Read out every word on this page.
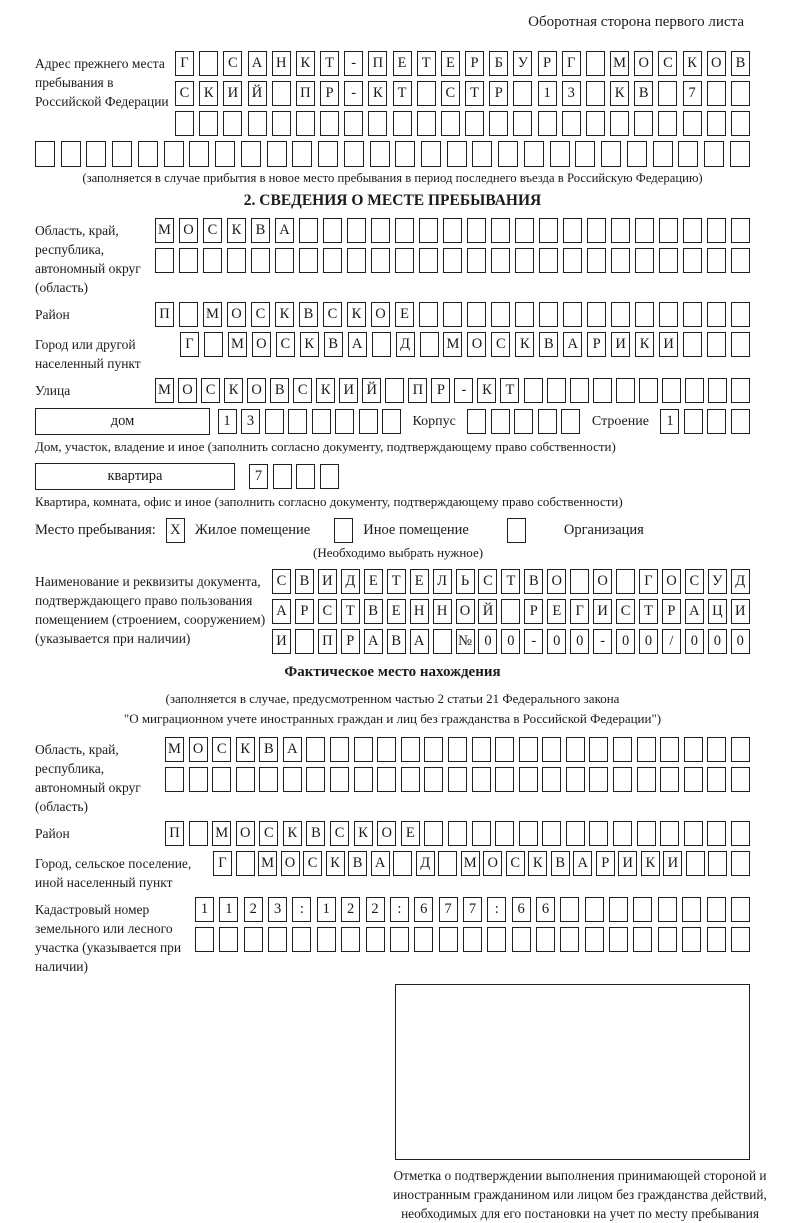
Оборотная сторона первого листа
Адрес прежнего места пребывания в Российской Федерации
Г	С А Н К	Т	-	П	Е	Т	Е	Р	Б	У	Р	Г	М О С	К О В
С	К И Й	П	Р	-	К	Т	С	Т	Р	1	3	К	В	7
(заполняется в случае прибытия в новое место пребывания в период последнего въезда в Российскую Федерацию)
2. СВЕДЕНИЯ О МЕСТЕ ПРЕБЫВАНИЯ
Область, край, республика, автономный округ (область)
М О С К В А
Район	П	М О С К В С К О Е
Город или другой населенный пункт
Г	М О С К В А	Д	М О С К В А	Р	И К И
Улица	М О С К О В С К И Й П Р	-	К Т
дом	1	3	Корпус	Строение	1
Дом, участок, владение и иное (заполнить согласно документу, подтверждающему право собственности)
квартира	7
Квартира, комната, офис и иное (заполнить согласно документу, подтверждающему право собственности)
Место пребывания: X Жилое помещение	Иное помещение	Организация
(Необходимо выбрать нужное)
Наименование и реквизиты документа, подтверждающего право пользования помещением (строением, сооружением) (указывается при наличии)
С В И Д Е Т Е Л Ь С Т В О О	Г О С У Д
А Р С Т В Е Н Н О Й	Р Е Г И С Т Р А Ц И
И П Р А В А № 0	0	-	0	0	-	0	0	/	0	0	0
Фактическое место нахождения
(заполняется в случае, предусмотренном частью 2 статьи 21 Федерального закона
"О миграционном учете иностранных граждан и лиц без гражданства в Российской Федерации")
Область, край, республика, автономный округ (область)
М О С К В А
Район	П М О С К В С К О Е
Город, сельское поселение, иной населенный пункт
Г	М О С К В А	Д	М О С К В А Р И К И
Кадастровый номер земельного или лесного участка (указывается при наличии)
1	1	2	3	:	1	2	2	:	6	7	7	:	6	6
Отметка о подтверждении выполнения принимающей стороной и иностранным гражданином или лицом без гражданства действий, необходимых для его постановки на учет по месту пребывания
